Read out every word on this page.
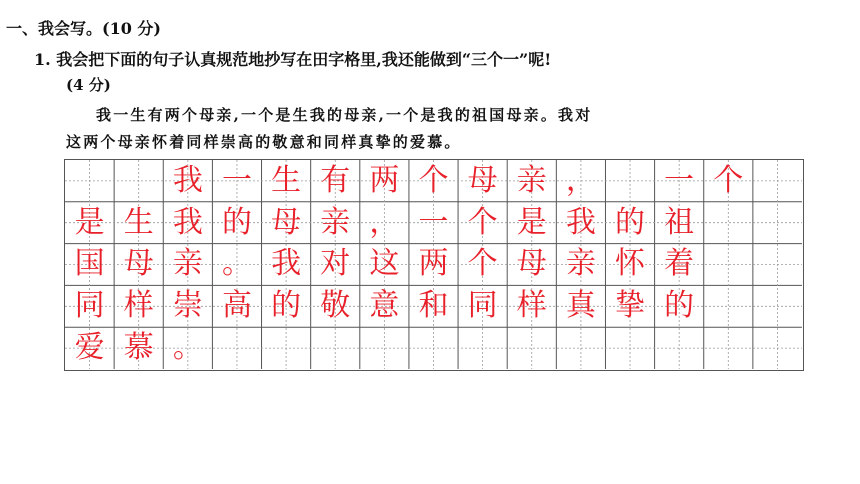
一、我会写。(10 分)
1. 我会把下面的句子认真规范地抄写在田字格里,我还能做到“三个一”呢!
(4 分)
我一生有两个母亲,一个是生我的母亲,一个是我的祖国母亲。我对
这两个母亲怀着同样崇高的敬意和同样真挚的爱慕。
我 一 生 有 两 个 母 亲 ，	一 个
是 生 我 的 母 亲 ， 一 个 是 我 的 祖
国 母 亲 。 我 对 这 两 个 母 亲 怀 着
同 样 崇 高 的 敬 意 和 同 样 真 挚 的
爱 慕 。
